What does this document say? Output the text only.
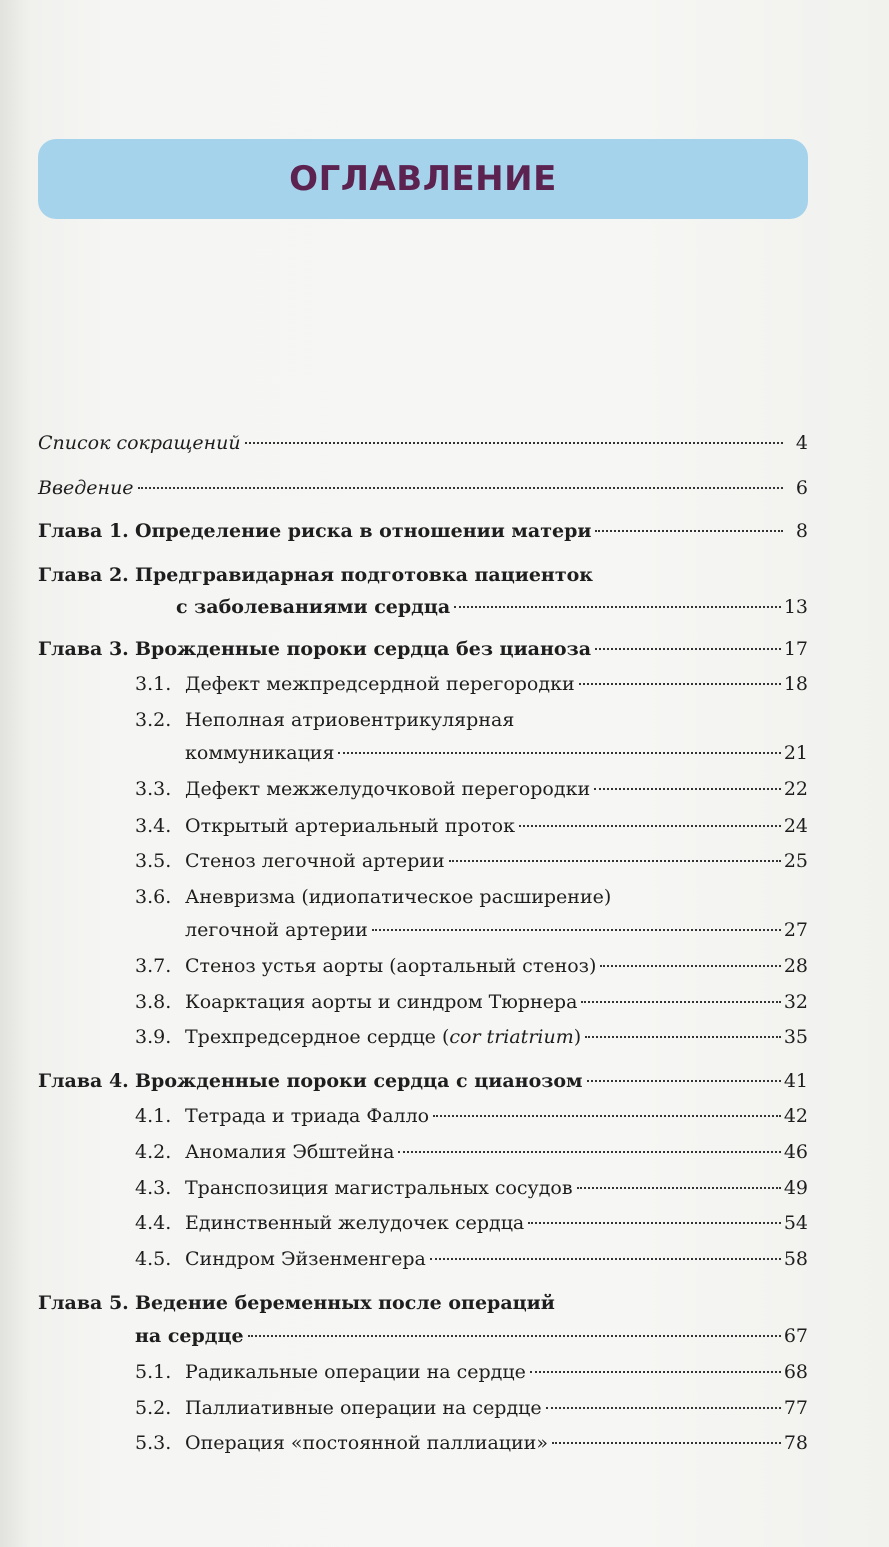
ОГЛАВЛЕНИЕ
Список сокращений	4
Введение	6
Глава 1. Определение риска в отношении матери	8
Глава 2. Предгравидарная подготовка пациенток
с заболеваниями сердца	13
Глава 3. Врожденные пороки сердца без цианоза	17
3.1. Дефект межпредсердной перегородки	18
3.2. Неполная атриовентрикулярная
коммуникация	21
3.3. Дефект межжелудочковой перегородки	22
3.4. Открытый артериальный проток	24
3.5. Стеноз легочной артерии	25
3.6. Аневризма (идиопатическое расширение)
легочной артерии	27
3.7. Стеноз устья аорты (аортальный стеноз)	28
3.8. Коарктация аорты и синдром Тюрнера	32
3.9. Трехпредсердное сердце (cor triatrium)	35
Глава 4. Врожденные пороки сердца с цианозом	41
4.1. Тетрада и триада Фалло	42
4.2. Аномалия Эбштейна	46
4.3. Транспозиция магистральных сосудов	49
4.4. Единственный желудочек сердца	54
4.5. Синдром Эйзенменгера	58
Глава 5. Ведение беременных после операций
на сердце	67
5.1. Радикальные операции на сердце	68
5.2. Паллиативные операции на сердце	77
5.3. Операция «постоянной паллиации»	78
